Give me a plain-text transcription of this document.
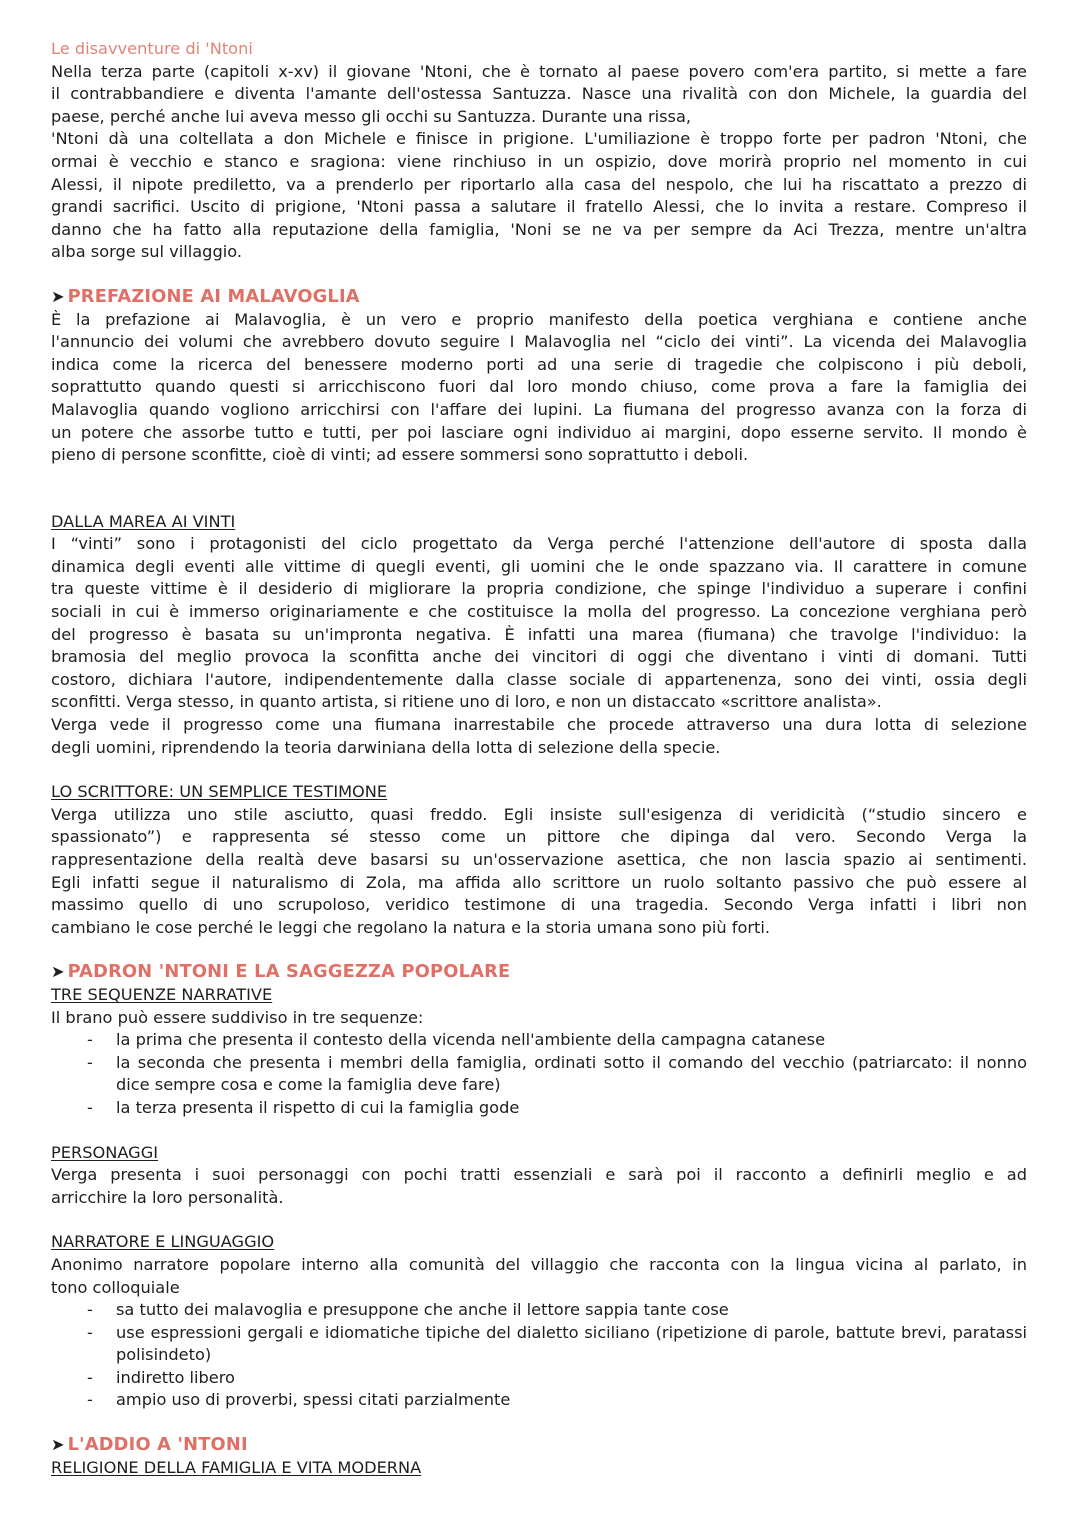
Le disavventure di 'Ntoni
Nella terza parte (capitoli x-xv) il giovane 'Ntoni, che è tornato al paese povero com'era partito, si mette a fare
il contrabbandiere e diventa l'amante dell'ostessa Santuzza. Nasce una rivalità con don Michele, la guardia del
paese, perché anche lui aveva messo gli occhi su Santuzza. Durante una rissa,
'Ntoni dà una coltellata a don Michele e finisce in prigione. L'umiliazione è troppo forte per padron 'Ntoni, che
ormai è vecchio e stanco e sragiona: viene rinchiuso in un ospizio, dove morirà proprio nel momento in cui
Alessi, il nipote prediletto, va a prenderlo per riportarlo alla casa del nespolo, che lui ha riscattato a prezzo di
grandi sacrifici. Uscito di prigione, 'Ntoni passa a salutare il fratello Alessi, che lo invita a restare. Compreso il
danno che ha fatto alla reputazione della famiglia, 'Noni se ne va per sempre da Aci Trezza, mentre un'altra
alba sorge sul villaggio.
➤ PREFAZIONE AI MALAVOGLIA
È la prefazione ai Malavoglia, è un vero e proprio manifesto della poetica verghiana e contiene anche
l'annuncio dei volumi che avrebbero dovuto seguire I Malavoglia nel “ciclo dei vinti”. La vicenda dei Malavoglia
indica come la ricerca del benessere moderno porti ad una serie di tragedie che colpiscono i più deboli,
soprattutto quando questi si arricchiscono fuori dal loro mondo chiuso, come prova a fare la famiglia dei
Malavoglia quando vogliono arricchirsi con l'affare dei lupini. La fiumana del progresso avanza con la forza di
un potere che assorbe tutto e tutti, per poi lasciare ogni individuo ai margini, dopo esserne servito. Il mondo è
pieno di persone sconfitte, cioè di vinti; ad essere sommersi sono soprattutto i deboli.
DALLA MAREA AI VINTI
I “vinti” sono i protagonisti del ciclo progettato da Verga perché l'attenzione dell'autore di sposta dalla
dinamica degli eventi alle vittime di quegli eventi, gli uomini che le onde spazzano via. Il carattere in comune
tra queste vittime è il desiderio di migliorare la propria condizione, che spinge l'individuo a superare i confini
sociali in cui è immerso originariamente e che costituisce la molla del progresso. La concezione verghiana però
del progresso è basata su un'impronta negativa. È infatti una marea (fiumana) che travolge l'individuo: la
bramosia del meglio provoca la sconfitta anche dei vincitori di oggi che diventano i vinti di domani. Tutti
costoro, dichiara l'autore, indipendentemente dalla classe sociale di appartenenza, sono dei vinti, ossia degli
sconfitti. Verga stesso, in quanto artista, si ritiene uno di loro, e non un distaccato «scrittore analista».
Verga vede il progresso come una fiumana inarrestabile che procede attraverso una dura lotta di selezione
degli uomini, riprendendo la teoria darwiniana della lotta di selezione della specie.
LO SCRITTORE: UN SEMPLICE TESTIMONE
Verga utilizza uno stile asciutto, quasi freddo. Egli insiste sull'esigenza di veridicità (“studio sincero e
spassionato”) e rappresenta sé stesso come un pittore che dipinga dal vero. Secondo Verga la
rappresentazione della realtà deve basarsi su un'osservazione asettica, che non lascia spazio ai sentimenti.
Egli infatti segue il naturalismo di Zola, ma affida allo scrittore un ruolo soltanto passivo che può essere al
massimo quello di uno scrupoloso, veridico testimone di una tragedia. Secondo Verga infatti i libri non
cambiano le cose perché le leggi che regolano la natura e la storia umana sono più forti.
➤ PADRON 'NTONI E LA SAGGEZZA POPOLARE
TRE SEQUENZE NARRATIVE
Il brano può essere suddiviso in tre sequenze:
- la prima che presenta il contesto della vicenda nell'ambiente della campagna catanese
- la seconda che presenta i membri della famiglia, ordinati sotto il comando del vecchio (patriarcato: il nonno dice sempre cosa e come la famiglia deve fare)
- la terza presenta il rispetto di cui la famiglia gode
PERSONAGGI
Verga presenta i suoi personaggi con pochi tratti essenziali e sarà poi il racconto a definirli meglio e ad
arricchire la loro personalità.
NARRATORE E LINGUAGGIO
Anonimo narratore popolare interno alla comunità del villaggio che racconta con la lingua vicina al parlato, in
tono colloquiale
- sa tutto dei malavoglia e presuppone che anche il lettore sappia tante cose
- use espressioni gergali e idiomatiche tipiche del dialetto siciliano (ripetizione di parole, battute brevi, paratassi polisindeto)
- indiretto libero
- ampio uso di proverbi, spessi citati parzialmente
➤ L'ADDIO A 'NTONI
RELIGIONE DELLA FAMIGLIA E VITA MODERNA
